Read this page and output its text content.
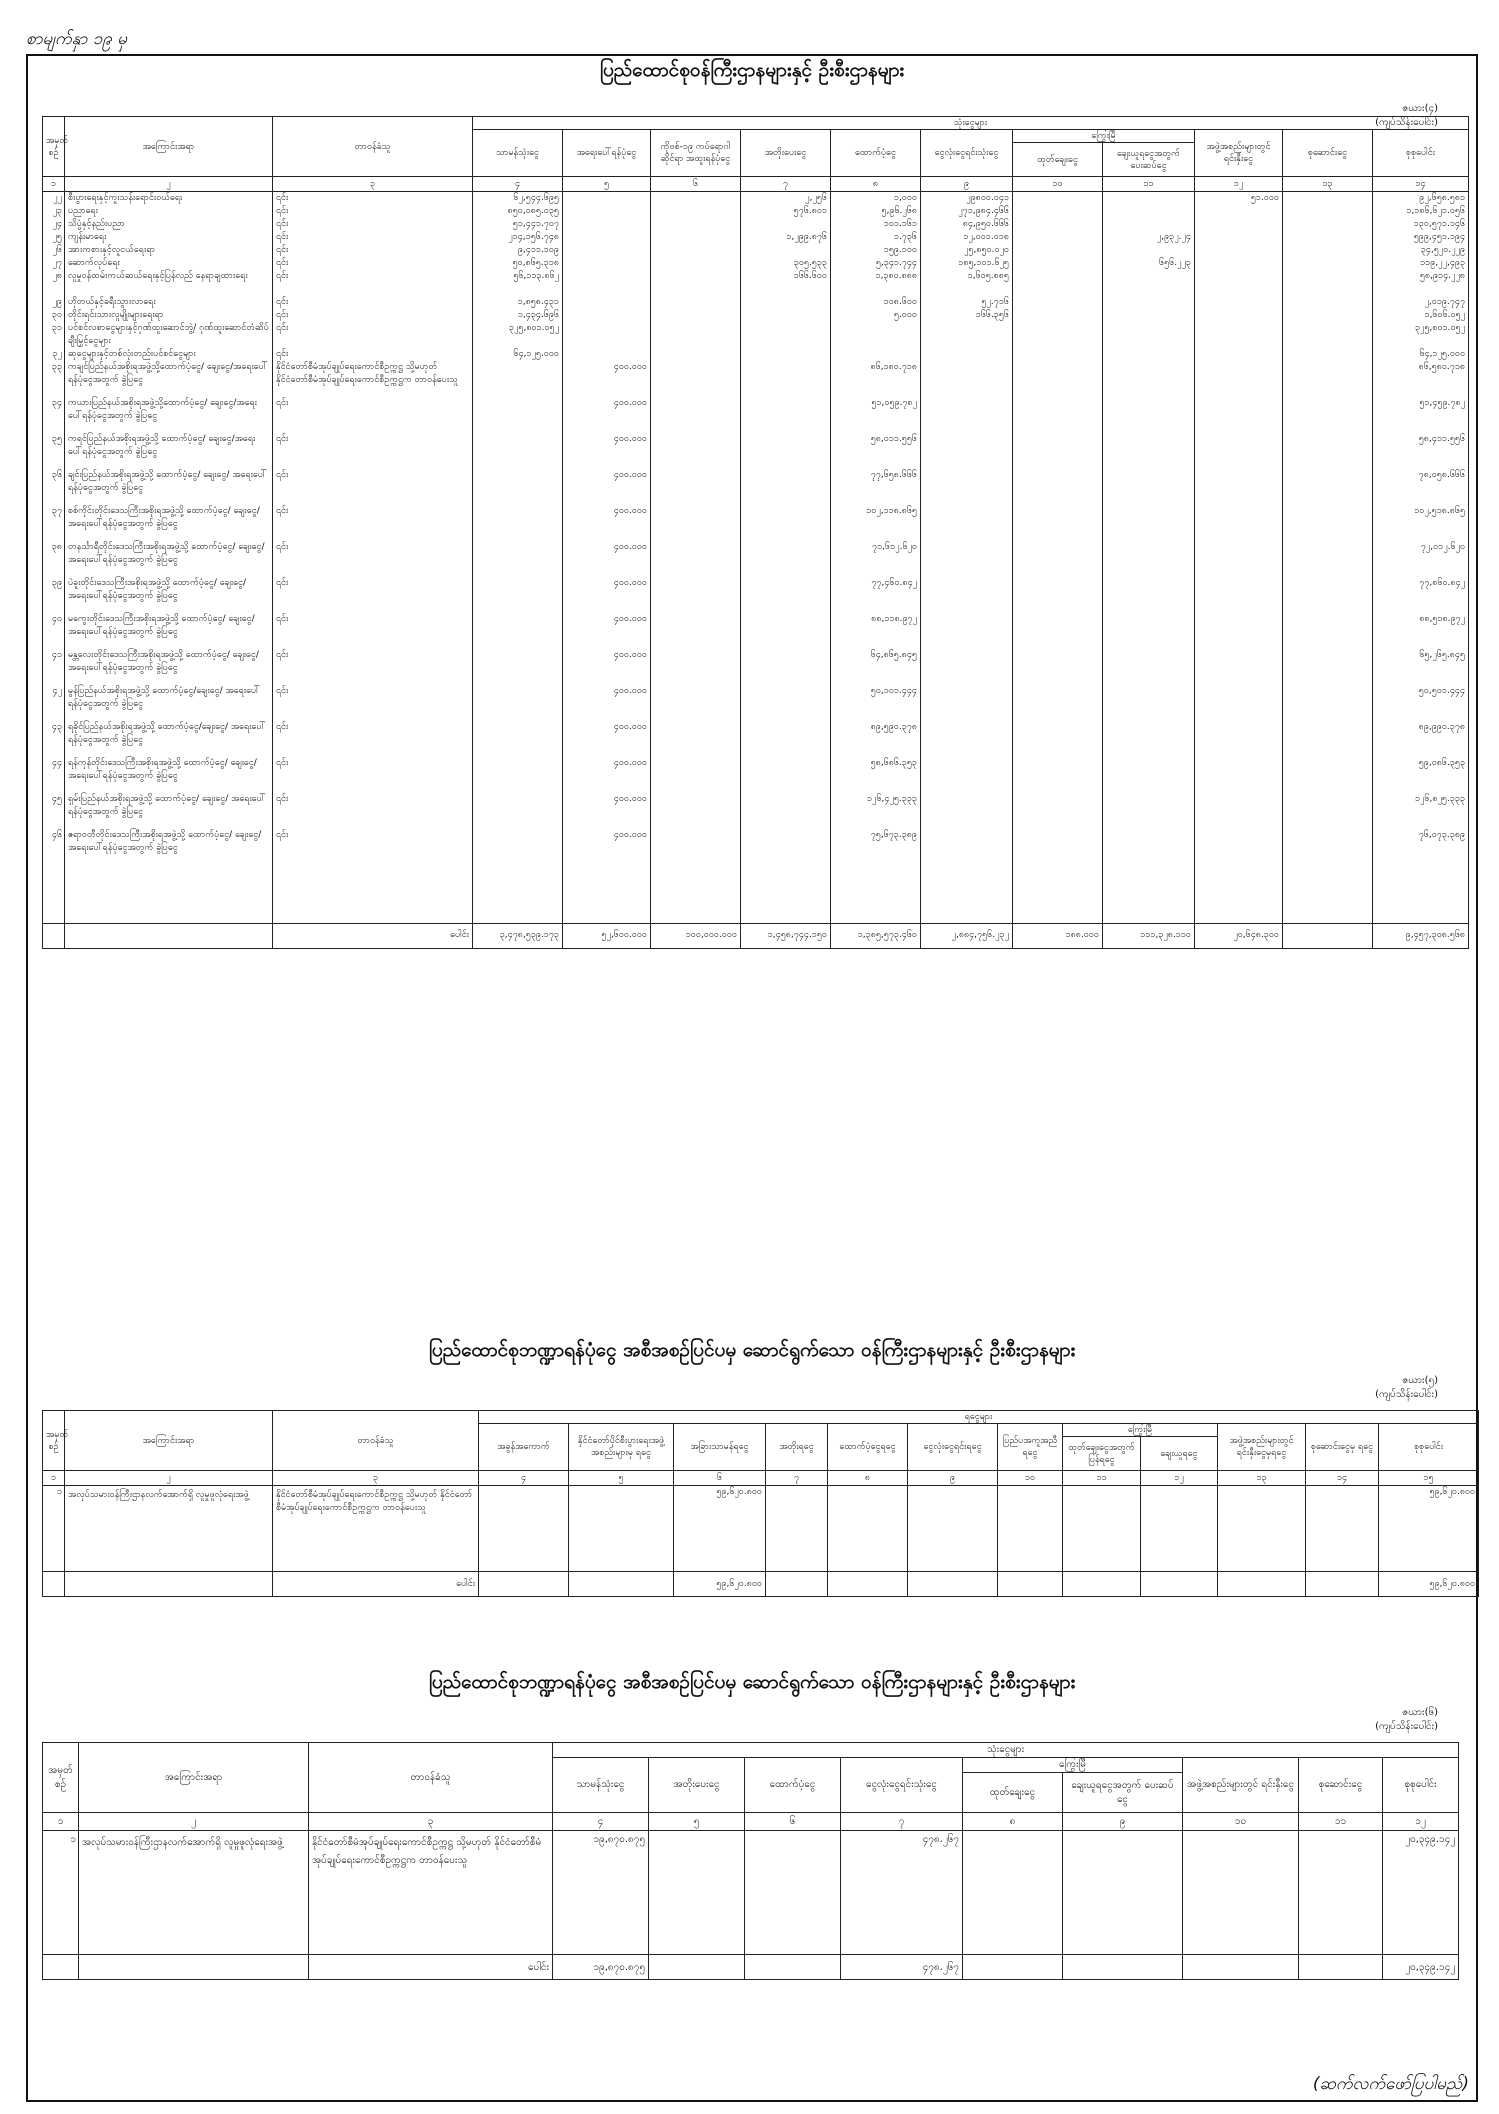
စာမျက်နှာ ၁၉ မှ
ပြည်ထောင်စုဝန်ကြီးဌာနများနှင့် ဦးစီးဌာနများ
ဇယား(၄)
(ကျပ်သိန်းပေါင်း)
ပြည်ထောင်စုဘဏ္ဍာရန်ပုံငွေ အစီအစဉ်ပြင်ပမှ ဆောင်ရွက်သော ဝန်ကြီးဌာနများနှင့် ဦးစီးဌာနများ
ဇယား(၅)
(ကျပ်သိန်းပေါင်း)
ပြည်ထောင်စုဘဏ္ဍာရန်ပုံငွေ အစီအစဉ်ပြင်ပမှ ဆောင်ရွက်သော ဝန်ကြီးဌာနများနှင့် ဦးစီးဌာနများ
ဇယား(၆)
(ကျပ်သိန်းပေါင်း)
အမှတ်စဉ်	အကြောင်းအရာ	တာဝန်ခံသူ	သုံးငွေများ										
			သာမန်သုံးငွေ	အရေးပေါ်ရန်ပုံငွေ	ကိုဗစ်-၁၉ ကပ်ရောဂါဆိုင်ရာ အထူးရန်ပုံငွေ	အတိုးပေးငွေ	ထောက်ပံ့ငွေ	ငွေလုံးငွေရင်းသုံးငွေ	ကြွေးမြီ		အဖွဲ့အစည်းများတွင် ရင်းနှီးငွေ	စုဆောင်းငွေ	စုစုပေါင်း
									ထုတ်ချေးငွေ	ချေးယူရငွေအတွက် ပေးဆပ်ငွေ			
၁	၂	၃	၄	၅	၆	၇	၈	၉	၁၀	၁၁	၁၂	၁၃	၁၄
၂၂	စီးပွားရေးနှင့်ကူးသန်းရောင်းဝယ်ရေး	၎င်း	၆၂,၅၄၄.၆၉၅			၂,၂၅၆	၁,၀၀၀	၂၉၈၀၀.၀၄၁			၅၁.၀၀၀		၉၂,၆၅၈.၅၈၁
၂၃	ပညာရေး	၎င်း	၈၅၀,၀၈၅.၀၃၅			၅၇၆.၈၀၁	၅,၉၆.၂၆၈	၂၇၁,၉၈၄.၄၆၆					၁,၁၈၆,၆၂၁.၀၅၆
၂၄	သိပ္ပံနှင့်နည်းပညာ	၎င်း	၅၁,၄၄၁.၇၀၇				၁၀၁.၁၆၁	၈၄,၉၅၀.၆၆၆					၁၃၀,၅၇၁.၁၄၆
၂၅	ကျန်းမာရေး	၎င်း	၂၁၄,၁၅၆.၇၄၈			၁,၂၉၉.၈၇၆	၁.၇၃၆	၁၂,၀၀၁.၀၁၈		၂,၉၃၂.၂၄			၅၉၉,၄၅၁.၁၉၄
၂၆	အားကစားနှင့်လူငယ်ရေးရာ	၎င်း	၉,၄၁၁.၁၀၉				၁၅၉.၁၀၀	၂၅,၈၅၀.၀၂၀					၃၄,၅၂၀.၂၂၉
၂၇	ဆောက်လုပ်ရေး	၎င်း	၅၀,၈၆၅.၃၁၈			၃၀၅.၅၃၃	၅,၃၄၁.၇၄၄	၁၈၅,၁၀၁.၆၂၅		၆၅၆.၂၂၃			၁၁၉,၂၂,၄၉၃
၂၈	လူမှုဝန်ထမ်းကယ်ဆယ်ရေးနှင့်ပြန်လည် နေရာချထားရေး	၎င်း	၅၆,၁၁၃.၈၆၂			၁၆၆.၆၀၀	၁,၃၈၀.၈၈၈	၁,၆၀၅.၈၈၅					၅၈,၉၁၄.၂၂၈
၂၉	ဟိုတယ်နှင့်ခရီးသွားလာရေး	၎င်း	၁,၈၅၈.၄၃၁				၁၀၈.၆၀၀	၅၂.၇၁၆					၂,၀၁၉.၇၄၇
၃၀	တိုင်းရင်းသားလူမျိုးများရေးရာ	၎င်း	၁,၄၃၄.၆၉၆				၅.၀၀၀	၁၆၆.၃၅၆					၁,၆၀၆.၀၅၂
၃၁	ပင်စင်လစာငွေများနှင့်ဂုဏ်ထူးဆောင်ဘွဲ့/ ဂုဏ်ထူးဆောင်တံဆိပ်ချီးမြှင့်ငွေများ	၎င်း	၃၂၅,၈၀၁.၀၅၂										၃၂၅,၈၀၁.၀၅၂
၃၂	ဆုငွေများနှင့်တစ်လုံးတည်းပင်စင်ငွေများ	၎င်း	၆၄,၁၂၅.၀၀၀										၆၄,၁၂၅.၀၀၀
၃၃	ကချင်ပြည်နယ်အစိုးရအဖွဲ့သို့ထောက်ပံ့ငွေ/ ချေးငွေ/အရေးပေါ်ရန်ပုံငွေအတွက် ခွဲပြငွေ	နိုင်ငံတော်စီမံအုပ်ချုပ်ရေးကောင်စီဥက္ကဋ္ဌ သို့မဟုတ် နိုင်ငံတော်စီမံအုပ်ချုပ်ရေးကောင်စီဥက္ကဋ္ဌက တာဝန်ပေးသူ		၄၀၀.၀၀၀			၈၆,၁၈၀.၇၁၈						၈၆,၅၈၀.၇၁၈
၃၄	ကယားပြည်နယ်အစိုးရအဖွဲ့သို့ထောက်ပံ့ငွေ/ ချေးငွေ/အရေးပေါ်ရန်ပုံငွေအတွက် ခွဲပြငွေ	၎င်း		၄၀၀.၀၀၀			၅၁,၀၅၉.၇၈၂						၅၁,၄၅၉.၇၈၂
၃၅	ကရင်ပြည်နယ်အစိုးရအဖွဲ့သို့ ထောက်ပံ့ငွေ/ ချေးငွေ/အရေးပေါ်ရန်ပုံငွေအတွက် ခွဲပြငွေ	၎င်း		၄၀၀.၀၀၀			၅၈,၀၁၁.၅၅၆						၅၈,၄၁၁.၅၅၆
၃၆	ချင်းပြည်နယ်အစိုးရအဖွဲ့သို့ ထောက်ပံ့ငွေ/ ချေးငွေ/ အရေးပေါ်ရန်ပုံငွေအတွက် ခွဲပြငွေ	၎င်း		၄၀၀.၀၀၀			၇၇,၆၅၈.၆၆၆						၇၈,၀၅၈.၆၆၆
၃၇	စစ်ကိုင်းတိုင်းဒေသကြီးအစိုးရအဖွဲ့သို့ ထောက်ပံ့ငွေ/ ချေးငွေ/အရေးပေါ်ရန်ပုံငွေအတွက် ခွဲပြငွေ	၎င်း		၄၀၀.၀၀၀			၁၀၂,၁၁၈.၈၆၅						၁၀၂,၅၁၈.၈၆၅
၃၈	တနင်္သာရီတိုင်းဒေသကြီးအစိုးရအဖွဲ့သို့ ထောက်ပံ့ငွေ/ ချေးငွေ/ အရေးပေါ်ရန်ပုံငွေအတွက် ခွဲပြငွေ	၎င်း		၄၀၀.၀၀၀			၇၁,၆၁၂.၆၂၀						၇၂,၀၁၂.၆၂၀
၃၉	ပဲခူးတိုင်းဒေသကြီးအစိုးရအဖွဲ့သို့ ထောက်ပံ့ငွေ/ ချေးငွေ/ အရေးပေါ်ရန်ပုံငွေအတွက် ခွဲပြငွေ	၎င်း		၄၀၀.၀၀၀			၇၇,၄၆၀.၈၄၂						၇၇,၈၆၀.၈၄၂
၄၀	မကွေးတိုင်းဒေသကြီးအစိုးရအဖွဲ့သို့ ထောက်ပံ့ငွေ/ ချေးငွေ/ အရေးပေါ်ရန်ပုံငွေအတွက် ခွဲပြငွေ	၎င်း		၄၀၀.၀၀၀			၈၈,၁၁၈.၉၇၂						၈၈,၅၁၈.၉၇၂
၄၁	မန္တလေးတိုင်းဒေသကြီးအစိုးရအဖွဲ့သို့ ထောက်ပံ့ငွေ/ ချေးငွေ/ အရေးပေါ်ရန်ပုံငွေအတွက် ခွဲပြငွေ	၎င်း		၄၀၀.၀၀၀			၆၄,၈၆၅.၈၄၅						၆၅,၂၆၅.၈၄၅
၄၂	မွန်ပြည်နယ်အစိုးရအဖွဲ့သို့ ထောက်ပံ့ငွေ/ချေးငွေ/ အရေးပေါ်ရန်ပုံငွေအတွက် ခွဲပြငွေ	၎င်း		၄၀၀.၀၀၀			၅၀,၁၀၁.၄၄၄						၅၀,၅၀၁.၄၄၄
၄၃	ရခိုင်ပြည်နယ်အစိုးရအဖွဲ့သို့ ထောက်ပံ့ငွေ/ချေးငွေ/ အရေးပေါ်ရန်ပုံငွေအတွက် ခွဲပြငွေ	၎င်း		၄၀၀.၀၀၀			၈၉,၅၉၀.၃၇၈						၈၉,၉၉၀.၃၇၈
၄၄	ရန်ကုန်တိုင်းဒေသကြီးအစိုးရအဖွဲ့သို့ ထောက်ပံ့ငွေ/ ချေးငွေ/ အရေးပေါ်ရန်ပုံငွေအတွက် ခွဲပြငွေ	၎င်း		၄၀၀.၀၀၀			၅၈,၆၈၆.၃၅၃						၅၉,၀၈၆.၃၅၃
၄၅	ရှမ်းပြည်နယ်အစိုးရအဖွဲ့သို့ ထောက်ပံ့ငွေ/ ချေးငွေ/ အရေးပေါ်ရန်ပုံငွေအတွက် ခွဲပြငွေ	၎င်း		၄၀၀.၀၀၀			၁၂၆,၄၂၅.၃၃၃						၁၂၆,၈၂၅.၃၃၃
၄၆	ဧရာဝတီတိုင်းဒေသကြီးအစိုးရအဖွဲ့သို့ ထောက်ပံ့ငွေ/ ချေးငွေ/ အရေးပေါ်ရန်ပုံငွေအတွက် ခွဲပြငွေ	၎င်း		၄၀၀.၀၀၀			၇၅,၆၇၃.၃၈၉						၇၆,၀၇၃.၃၈၉

		ပေါင်း	၃,၄၇၈,၅၃၉.၁၇၃	၅၂,၆၀၀.၀၀၀	၁၀၀,၀၀၀.၀၀၀	၁,၄၅၈,၇၄၄.၁၅၀	၁,၃၈၅,၅၇၃.၄၆၀	၂,၈၈၄,၇၅၆.၂၃၂	၁၈၈.၀၀၀	၁၁၁,၃၂၈.၁၁၀	၂၀,၆၄၈.၃၀၀		၉,၄၅၇,၃၀၈.၅၆၈
အမှတ်စဉ်	အကြောင်းအရာ	တာဝန်ခံသူ	ရငွေများ											
			အခွန်အကောက်	နိုင်ငံတော်ပိုင်စီးပွားရေးအဖွဲ့အစည်းများမှ ရငွေ	အခြားသာမန်ရငွေ	အတိုးရငွေ	ထောက်ပံ့ငွေရငွေ	ငွေလုံးငွေရင်းရငွေ	ပြည်ပအကူအညီ ရငွေ	ကြွေးမြီ		အဖွဲ့အစည်းများတွင် ရင်းနှီးငွေမှရငွေ	စုဆောင်းငွေမှ ရငွေ	စုစုပေါင်း
										ထုတ်ချေးငွေအတွက်ပြန်ရငွေ	ချေးယူရငွေ			
၁	၂	၃	၄	၅	၆	၇	၈	၉	၁၀	၁၁	၁၂	၁၃	၁၄	၁၅
၁	အလုပ်သမားဝန်ကြီးဌာနလက်အောက်ရှိ လူမှုဖူလုံရေးအဖွဲ့	နိုင်ငံတော်စီမံအုပ်ချုပ်ရေးကောင်စီဥက္ကဋ္ဌ သို့မဟုတ် နိုင်ငံတော်စီမံအုပ်ချုပ်ရေးကောင်စီဥက္ကဋ္ဌက တာဝန်ပေးသူ			၅၉,၆၂၀.၈၀၀									၅၉,၆၂၀.၈၀၀
		ပေါင်း			၅၉,၆၂၀.၈၀၀									၅၉,၆၂၀.၈၀၀
အမှတ်စဉ်	အကြောင်းအရာ	တာဝန်ခံသူ	သုံးငွေများ								
			သာမန်သုံးငွေ	အတိုးပေးငွေ	ထောက်ပံ့ငွေ	ငွေလုံးငွေရင်းသုံးငွေ	ကြွေးမြီ		အဖွဲ့အစည်းများတွင် ရင်းနှီးငွေ	စုဆောင်းငွေ	စုစုပေါင်း
							ထုတ်ချေးငွေ	ချေးယူရငွေအတွက် ပေးဆပ်ငွေ			
၁	၂	၃	၄	၅	၆	၇	၈	၉	၁၀	၁၁	၁၂
၁	အလုပ်သမားဝန်ကြီးဌာနလက်အောက်ရှိ လူမှုဖူလုံရေးအဖွဲ့	နိုင်ငံတော်စီမံအုပ်ချုပ်ရေးကောင်စီဥက္ကဋ္ဌ သို့မဟုတ် နိုင်ငံတော်စီမံအုပ်ချုပ်ရေးကောင်စီဥက္ကဋ္ဌက တာဝန်ပေးသူ	၁၉,၈၇၀.၈၇၅			၄၇၈.၂၆၇					၂၀,၃၄၉.၁၄၂
		ပေါင်း	၁၉,၈၇၀.၈၇၅			၄၇၈.၂၆၇					၂၀,၃၄၉.၁၄၂
(ဆက်လက်ဖော်ပြပါမည်)
